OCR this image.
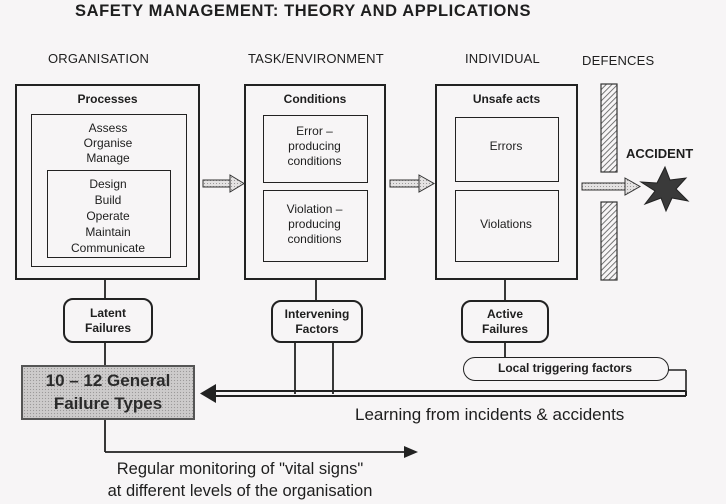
SAFETY MANAGEMENT: THEORY AND APPLICATIONS
ORGANISATION	TASK/ENVIRONMENT	INDIVIDUAL	DEFENCES
Processes
Assess
Organise
Manage
Design
Build
Operate
Maintain
Communicate
Conditions
Error –
producing
conditions
Violation –
producing
conditions
Unsafe acts
Errors
Violations
ACCIDENT
Latent
Failures
Intervening
Factors
Active
Failures
Local triggering factors
10 – 12 General
Failure Types
Learning from incidents & accidents
Regular monitoring of "vital signs"
at different levels of the organisation
